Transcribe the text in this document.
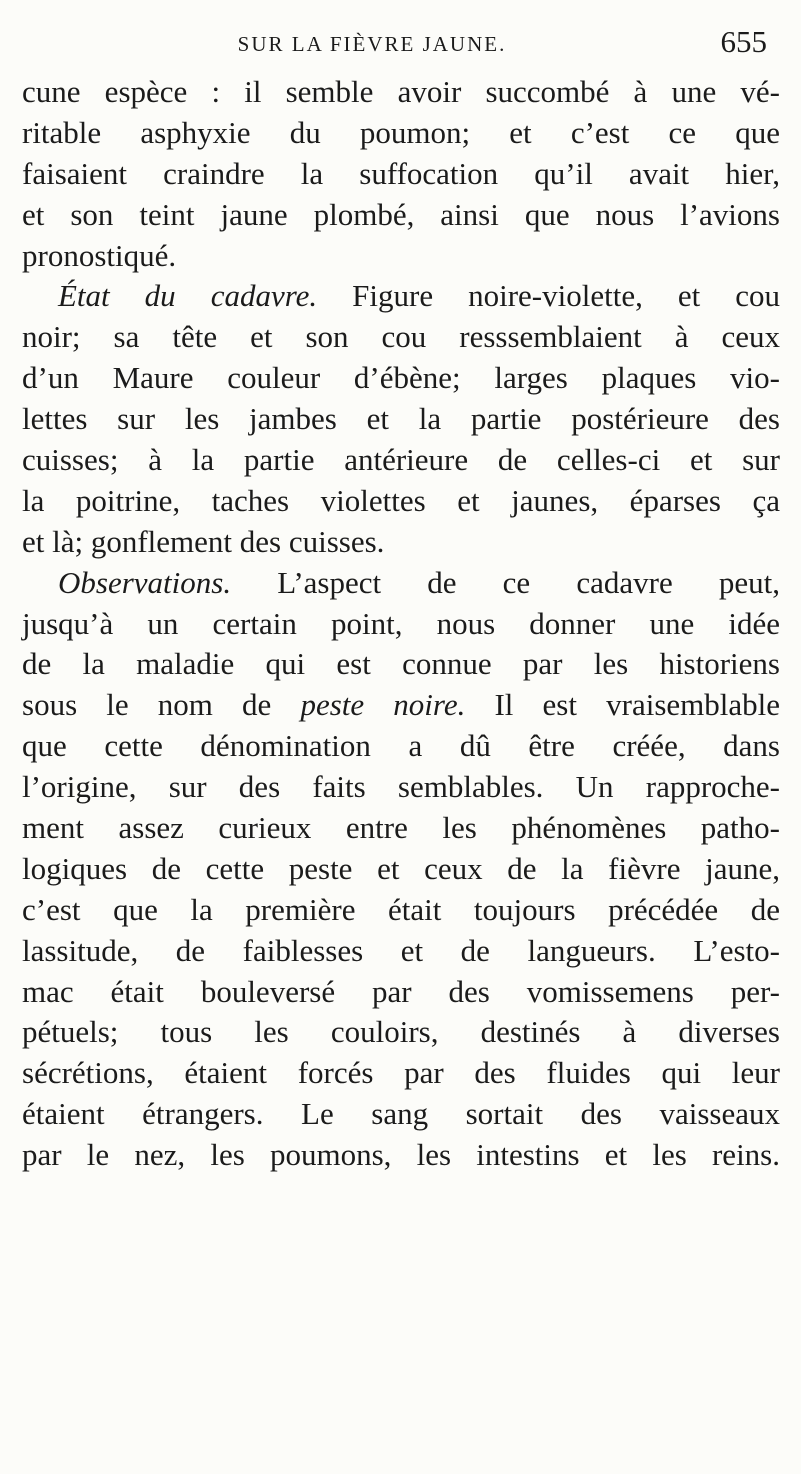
SUR LA FIÈVRE JAUNE.	655
cune espèce : il semble avoir succombé à une vé-
ritable asphyxie du poumon; et c’est ce que
faisaient craindre la suffocation qu’il avait hier,
et son teint jaune plombé, ainsi que nous l’avions
pronostiqué.
État du cadavre. Figure noire-violette, et cou
noir; sa tête et son cou resssemblaient à ceux
d’un Maure couleur d’ébène; larges plaques vio-
lettes sur les jambes et la partie postérieure des
cuisses; à la partie antérieure de celles-ci et sur
la poitrine, taches violettes et jaunes, éparses ça
et là; gonflement des cuisses.
Observations. L’aspect de ce cadavre peut,
jusqu’à un certain point, nous donner une idée
de la maladie qui est connue par les historiens
sous le nom de peste noire. Il est vraisemblable
que cette dénomination a dû être créée, dans
l’origine, sur des faits semblables. Un rapproche-
ment assez curieux entre les phénomènes patho-
logiques de cette peste et ceux de la fièvre jaune,
c’est que la première était toujours précédée de
lassitude, de faiblesses et de langueurs. L’esto-
mac était bouleversé par des vomissemens per-
pétuels; tous les couloirs, destinés à diverses
sécrétions, étaient forcés par des fluides qui leur
étaient étrangers. Le sang sortait des vaisseaux
par le nez, les poumons, les intestins et les reins.
